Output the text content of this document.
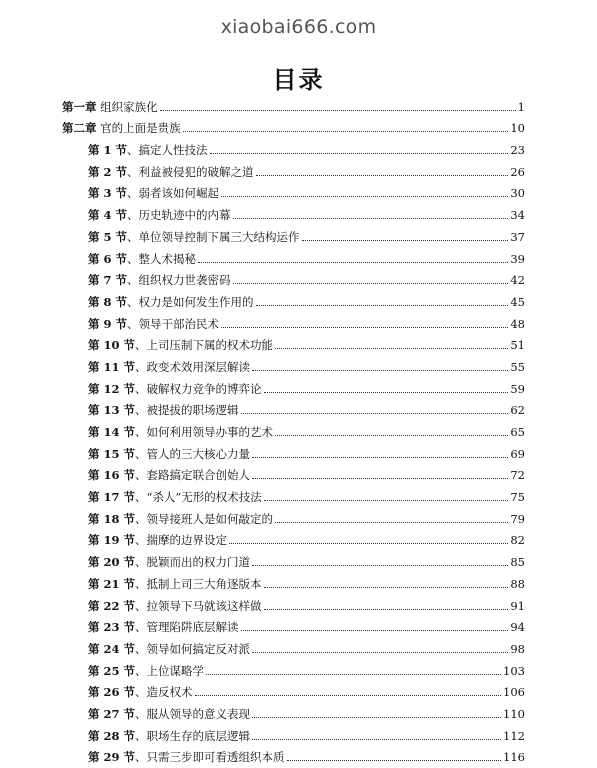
xiaobai666.com
目录
第一章 组织家族化	1
第二章 官的上面是贵族	10
第 1 节、搞定人性技法	23
第 2 节、利益被侵犯的破解之道	26
第 3 节、弱者该如何崛起	30
第 4 节、历史轨迹中的内幕	34
第 5 节、单位领导控制下属三大结构运作	37
第 6 节、整人术揭秘	39
第 7 节、组织权力世袭密码	42
第 8 节、权力是如何发生作用的	45
第 9 节、领导干部治民术	48
第 10 节、上司压制下属的权术功能	51
第 11 节、政变术效用深层解读	55
第 12 节、破解权力竞争的博弈论	59
第 13 节、被提拔的职场逻辑	62
第 14 节、如何利用领导办事的艺术	65
第 15 节、管人的三大核心力量	69
第 16 节、套路搞定联合创始人	72
第 17 节、“杀人”无形的权术技法	75
第 18 节、领导接班人是如何敲定的	79
第 19 节、揣摩的边界设定	82
第 20 节、脱颖而出的权力门道	85
第 21 节、抵制上司三大角逐版本	88
第 22 节、拉领导下马就该这样做	91
第 23 节、管理陷阱底层解读	94
第 24 节、领导如何搞定反对派	98
第 25 节、上位谋略学	103
第 26 节、造反权术	106
第 27 节、服从领导的意义表现	110
第 28 节、职场生存的底层逻辑	112
第 29 节、只需三步即可看透组织本质	116
